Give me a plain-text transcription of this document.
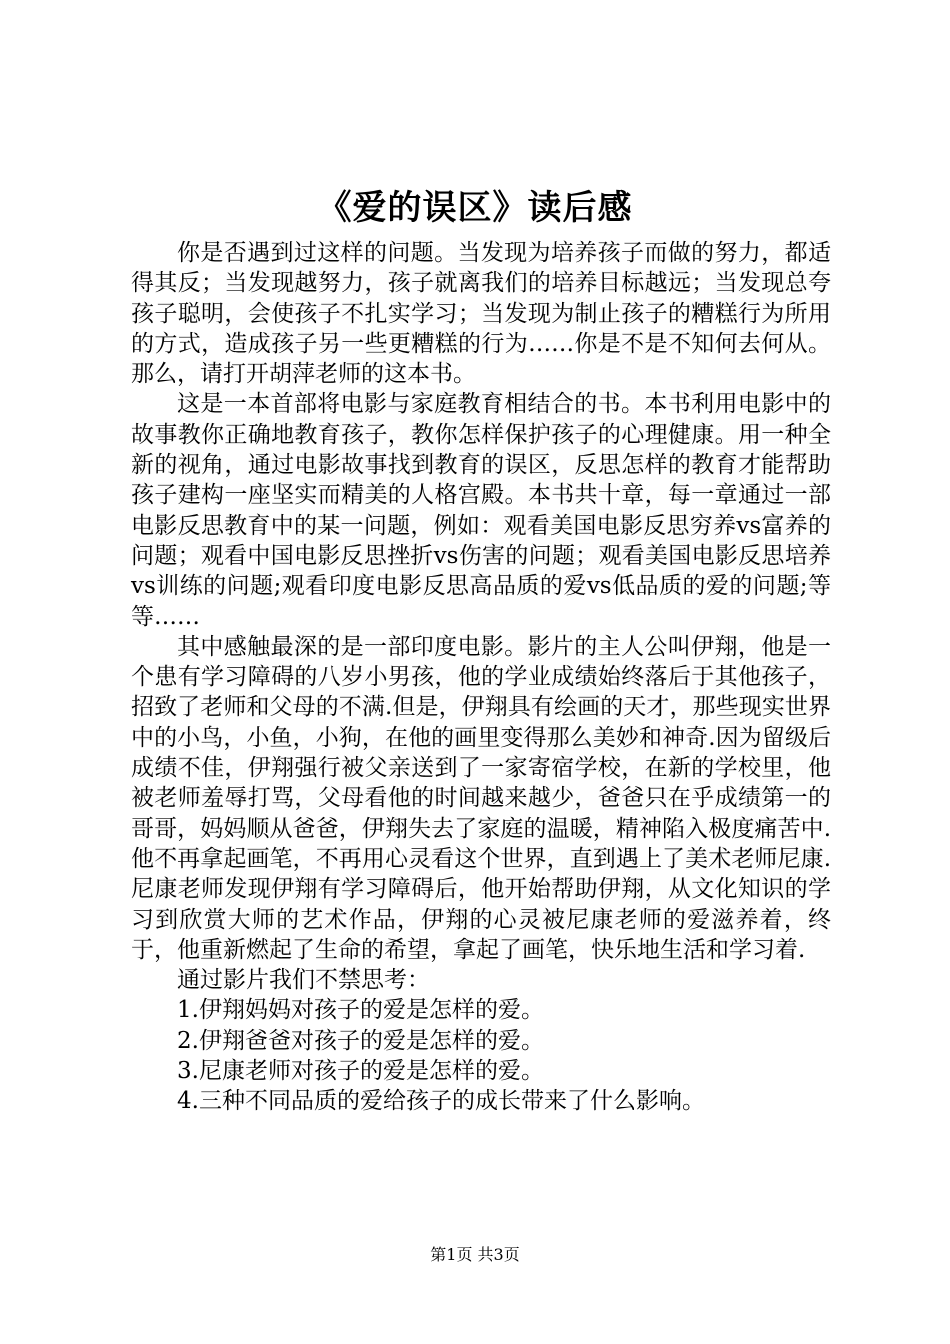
《爱的误区》读后感

你是否遇到过这样的问题。当发现为培养孩子而做的努力，都适得其反；当发现越努力，孩子就离我们的培养目标越远；当发现总夸孩子聪明，会使孩子不扎实学习；当发现为制止孩子的糟糕行为所用的方式，造成孩子另一些更糟糕的行为……你是不是不知何去何从。那么，请打开胡萍老师的这本书。

这是一本首部将电影与家庭教育相结合的书。本书利用电影中的故事教你正确地教育孩子，教你怎样保护孩子的心理健康。用一种全新的视角，通过电影故事找到教育的误区，反思怎样的教育才能帮助孩子建构一座坚实而精美的人格宫殿。本书共十章，每一章通过一部电影反思教育中的某一问题，例如：观看美国电影反思穷养vs富养的问题；观看中国电影反思挫折vs伤害的问题；观看美国电影反思培养vs训练的问题;观看印度电影反思高品质的爱vs低品质的爱的问题;等等……

其中感触最深的是一部印度电影。影片的主人公叫伊翔，他是一个患有学习障碍的八岁小男孩，他的学业成绩始终落后于其他孩子，招致了老师和父母的不满.但是，伊翔具有绘画的天才，那些现实世界中的小鸟，小鱼，小狗，在他的画里变得那么美妙和神奇.因为留级后成绩不佳，伊翔强行被父亲送到了一家寄宿学校，在新的学校里，他被老师羞辱打骂，父母看他的时间越来越少，爸爸只在乎成绩第一的哥哥，妈妈顺从爸爸，伊翔失去了家庭的温暖，精神陷入极度痛苦中.他不再拿起画笔，不再用心灵看这个世界，直到遇上了美术老师尼康.尼康老师发现伊翔有学习障碍后，他开始帮助伊翔，从文化知识的学习到欣赏大师的艺术作品，伊翔的心灵被尼康老师的爱滋养着，终于，他重新燃起了生命的希望，拿起了画笔，快乐地生活和学习着.

通过影片我们不禁思考：

1.伊翔妈妈对孩子的爱是怎样的爱。

2.伊翔爸爸对孩子的爱是怎样的爱。

3.尼康老师对孩子的爱是怎样的爱。

4.三种不同品质的爱给孩子的成长带来了什么影响。

第1页 共3页
